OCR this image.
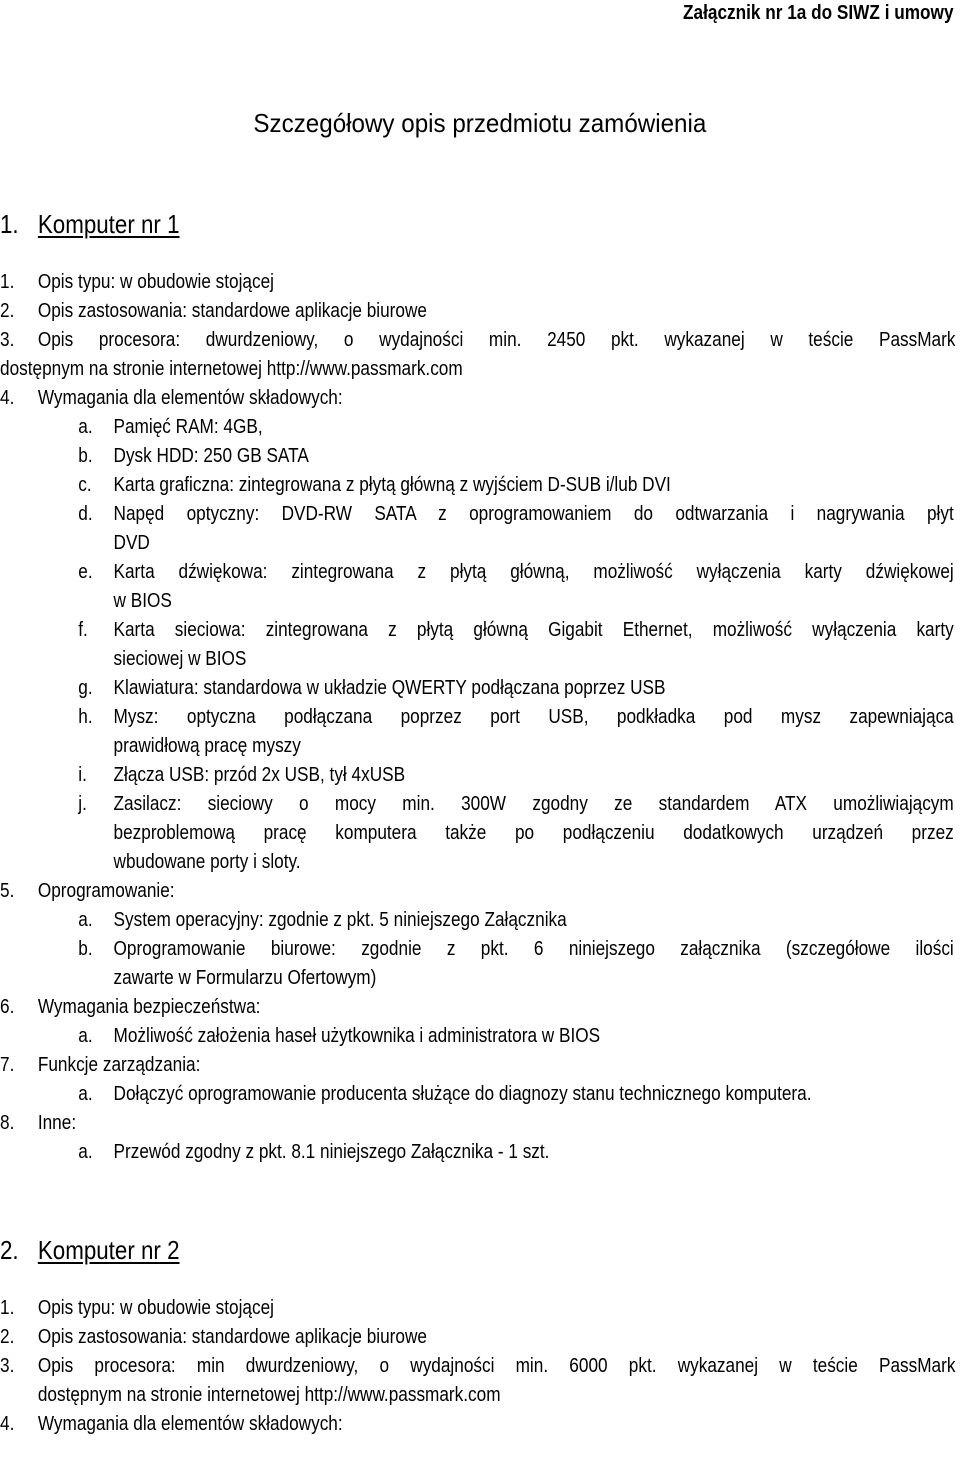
Załącznik nr 1a do SIWZ i umowy
Szczegółowy opis przedmiotu zamówienia
1. Komputer nr 1
1. Opis typu: w obudowie stojącej
2. Opis zastosowania: standardowe aplikacje biurowe
3. Opis procesora: dwurdzeniowy, o wydajności min. 2450 pkt. wykazanej w teście PassMark
dostępnym na stronie internetowej http://www.passmark.com
4. Wymagania dla elementów składowych:
a. Pamięć RAM: 4GB,
b. Dysk HDD: 250 GB SATA
c. Karta graficzna: zintegrowana z płytą główną z wyjściem D-SUB i/lub DVI
d. Napęd optyczny: DVD-RW SATA z oprogramowaniem do odtwarzania i nagrywania płyt
DVD
e. Karta dźwiękowa: zintegrowana z płytą główną, możliwość wyłączenia karty dźwiękowej
w BIOS
f. Karta sieciowa: zintegrowana z płytą główną Gigabit Ethernet, możliwość wyłączenia karty
sieciowej w BIOS
g. Klawiatura: standardowa w układzie QWERTY podłączana poprzez USB
h. Mysz: optyczna podłączana poprzez port USB, podkładka pod mysz zapewniająca
prawidłową pracę myszy
i. Złącza USB: przód 2x USB, tył 4xUSB
j. Zasilacz: sieciowy o mocy min. 300W zgodny ze standardem ATX umożliwiającym
bezproblemową pracę komputera także po podłączeniu dodatkowych urządzeń przez
wbudowane porty i sloty.
5. Oprogramowanie:
a. System operacyjny: zgodnie z pkt. 5 niniejszego Załącznika
b. Oprogramowanie biurowe: zgodnie z pkt. 6 niniejszego załącznika (szczegółowe ilości
zawarte w Formularzu Ofertowym)
6. Wymagania bezpieczeństwa:
a. Możliwość założenia haseł użytkownika i administratora w BIOS
7. Funkcje zarządzania:
a. Dołączyć oprogramowanie producenta służące do diagnozy stanu technicznego komputera.
8. Inne:
a. Przewód zgodny z pkt. 8.1 niniejszego Załącznika - 1 szt.
2. Komputer nr 2
1. Opis typu: w obudowie stojącej
2. Opis zastosowania: standardowe aplikacje biurowe
3. Opis procesora: min dwurdzeniowy, o wydajności min. 6000 pkt. wykazanej w teście PassMark
dostępnym na stronie internetowej http://www.passmark.com
4. Wymagania dla elementów składowych:
